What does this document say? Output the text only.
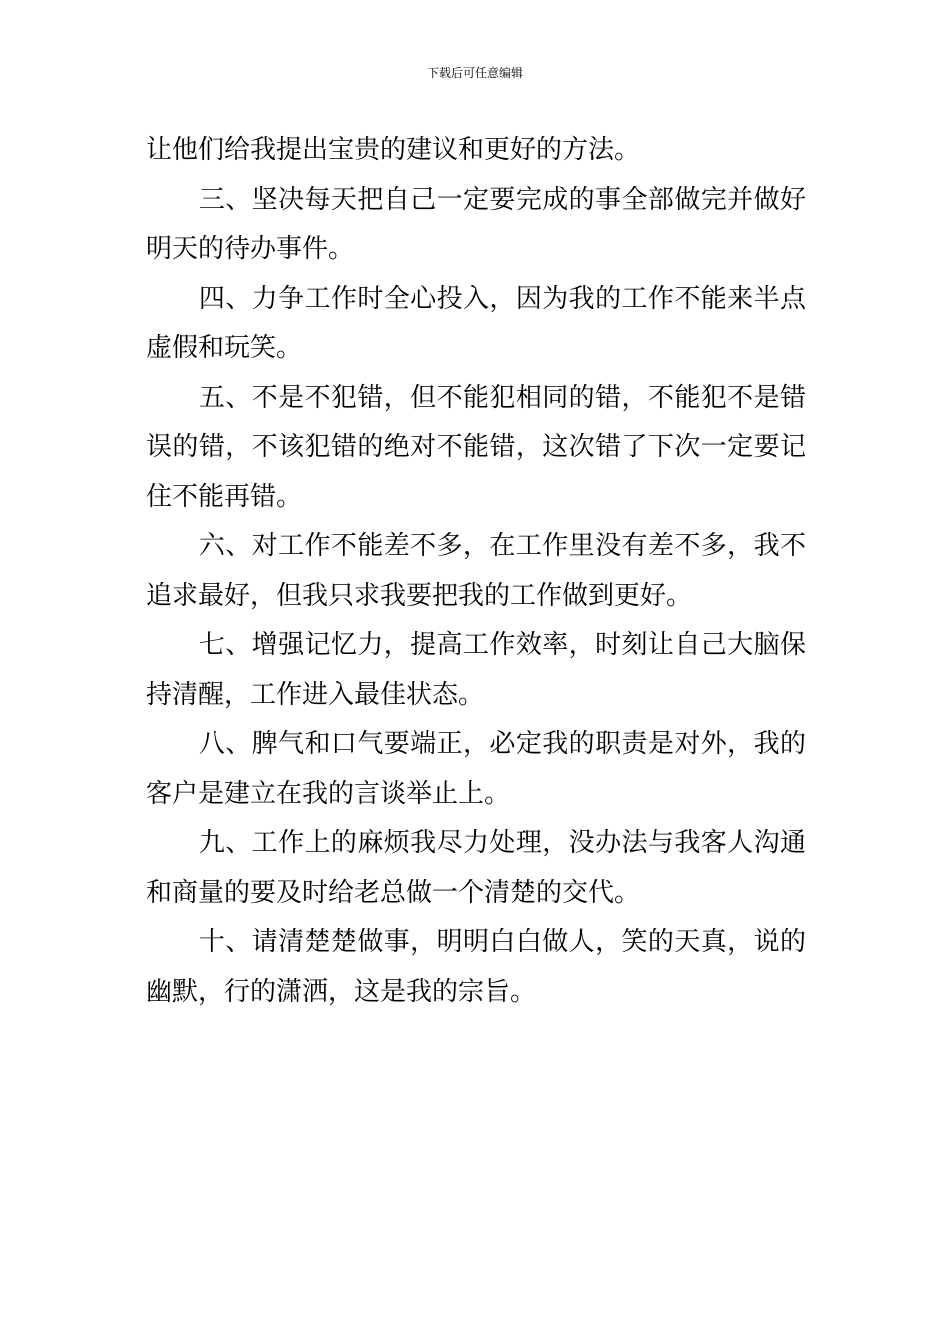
下载后可任意编辑

让他们给我提出宝贵的建议和更好的方法。

　　三、坚决每天把自己一定要完成的事全部做完并做好明天的待办事件。

　　四、力争工作时全心投入，因为我的工作不能来半点虚假和玩笑。

　　五、不是不犯错，但不能犯相同的错，不能犯不是错误的错，不该犯错的绝对不能错，这次错了下次一定要记住不能再错。

　　六、对工作不能差不多，在工作里没有差不多，我不追求最好，但我只求我要把我的工作做到更好。

　　七、增强记忆力，提高工作效率，时刻让自己大脑保持清醒，工作进入最佳状态。

　　八、脾气和口气要端正，必定我的职责是对外，我的客户是建立在我的言谈举止上。

　　九、工作上的麻烦我尽力处理，没办法与我客人沟通和商量的要及时给老总做一个清楚的交代。

　　十、请清楚楚做事，明明白白做人，笑的天真，说的幽默，行的潇洒，这是我的宗旨。
